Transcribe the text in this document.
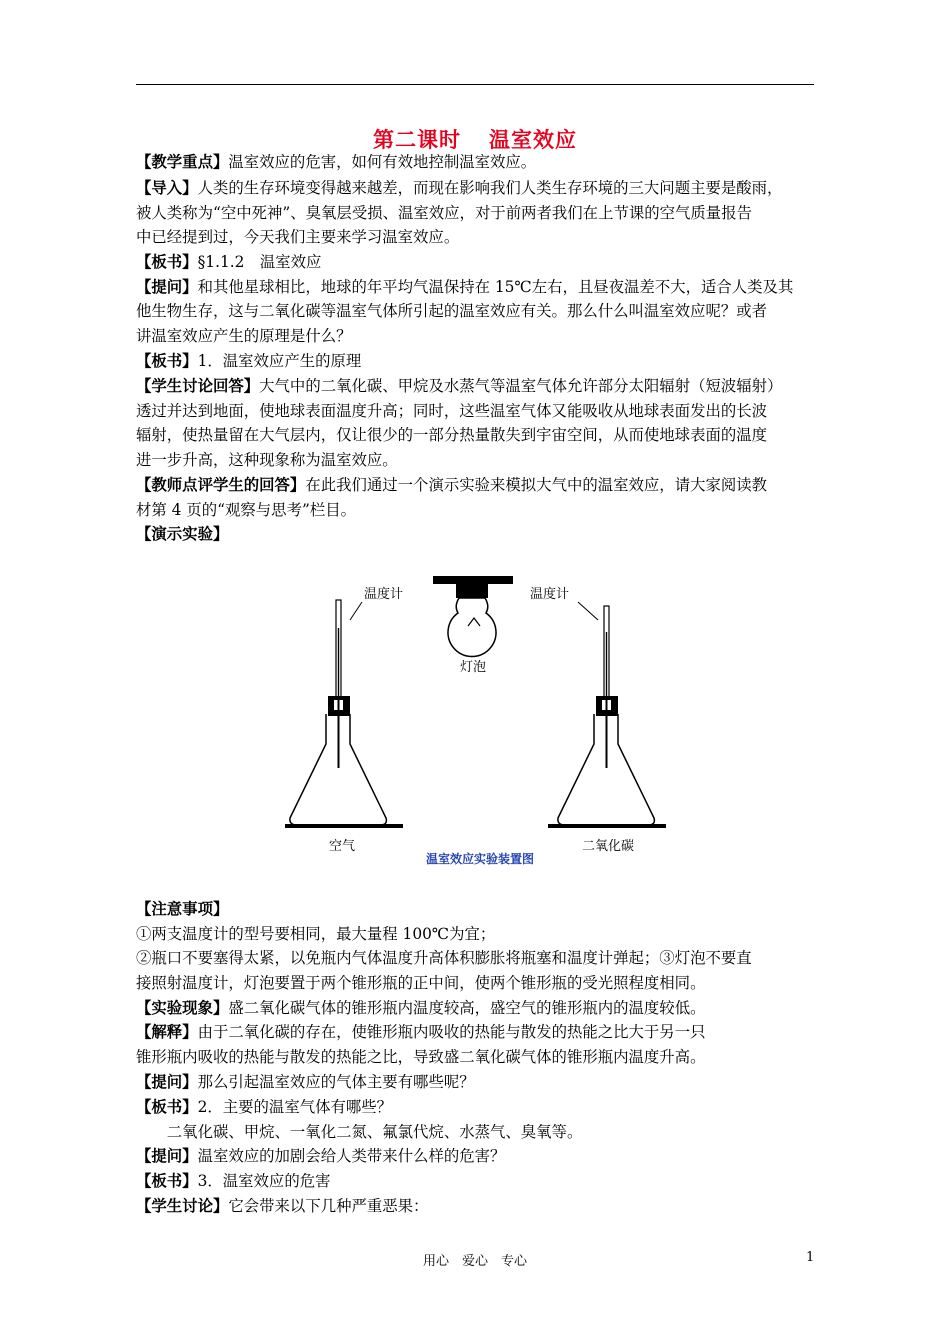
第二课时 温室效应
【教学重点】温室效应的危害，如何有效地控制温室效应。
【导入】人类的生存环境变得越来越差，而现在影响我们人类生存环境的三大问题主要是酸雨，
被人类称为“空中死神”、臭氧层受损、温室效应，对于前两者我们在上节课的空气质量报告
中已经提到过，今天我们主要来学习温室效应。
【板书】§1.1.2　温室效应
【提问】和其他星球相比，地球的年平均气温保持在 15℃左右，且昼夜温差不大，适合人类及其
他生物生存，这与二氧化碳等温室气体所引起的温室效应有关。那么什么叫温室效应呢？或者
讲温室效应产生的原理是什么？
【板书】1．温室效应产生的原理
【学生讨论回答】大气中的二氧化碳、甲烷及水蒸气等温室气体允许部分太阳辐射（短波辐射）
透过并达到地面，使地球表面温度升高；同时，这些温室气体又能吸收从地球表面发出的长波
辐射，使热量留在大气层内，仅让很少的一部分热量散失到宇宙空间，从而使地球表面的温度
进一步升高，这种现象称为温室效应。
【教师点评学生的回答】在此我们通过一个演示实验来模拟大气中的温室效应，请大家阅读教
材第 4 页的“观察与思考”栏目。
【演示实验】
灯泡
温度计	温度计
空气	二氧化碳
温室效应实验装置图
【注意事项】
①两支温度计的型号要相同，最大量程 100℃为宜；
②瓶口不要塞得太紧，以免瓶内气体温度升高体积膨胀将瓶塞和温度计弹起；③灯泡不要直
接照射温度计，灯泡要置于两个锥形瓶的正中间，使两个锥形瓶的受光照程度相同。
【实验现象】盛二氧化碳气体的锥形瓶内温度较高，盛空气的锥形瓶内的温度较低。
【解释】由于二氧化碳的存在，使锥形瓶内吸收的热能与散发的热能之比大于另一只
锥形瓶内吸收的热能与散发的热能之比，导致盛二氧化碳气体的锥形瓶内温度升高。
【提问】那么引起温室效应的气体主要有哪些呢？
【板书】2．主要的温室气体有哪些？
　　二氧化碳、甲烷、一氧化二氮、氟氯代烷、水蒸气、臭氧等。
【提问】温室效应的加剧会给人类带来什么样的危害？
【板书】3．温室效应的危害
【学生讨论】它会带来以下几种严重恶果：
用心　爱心　专心	1
